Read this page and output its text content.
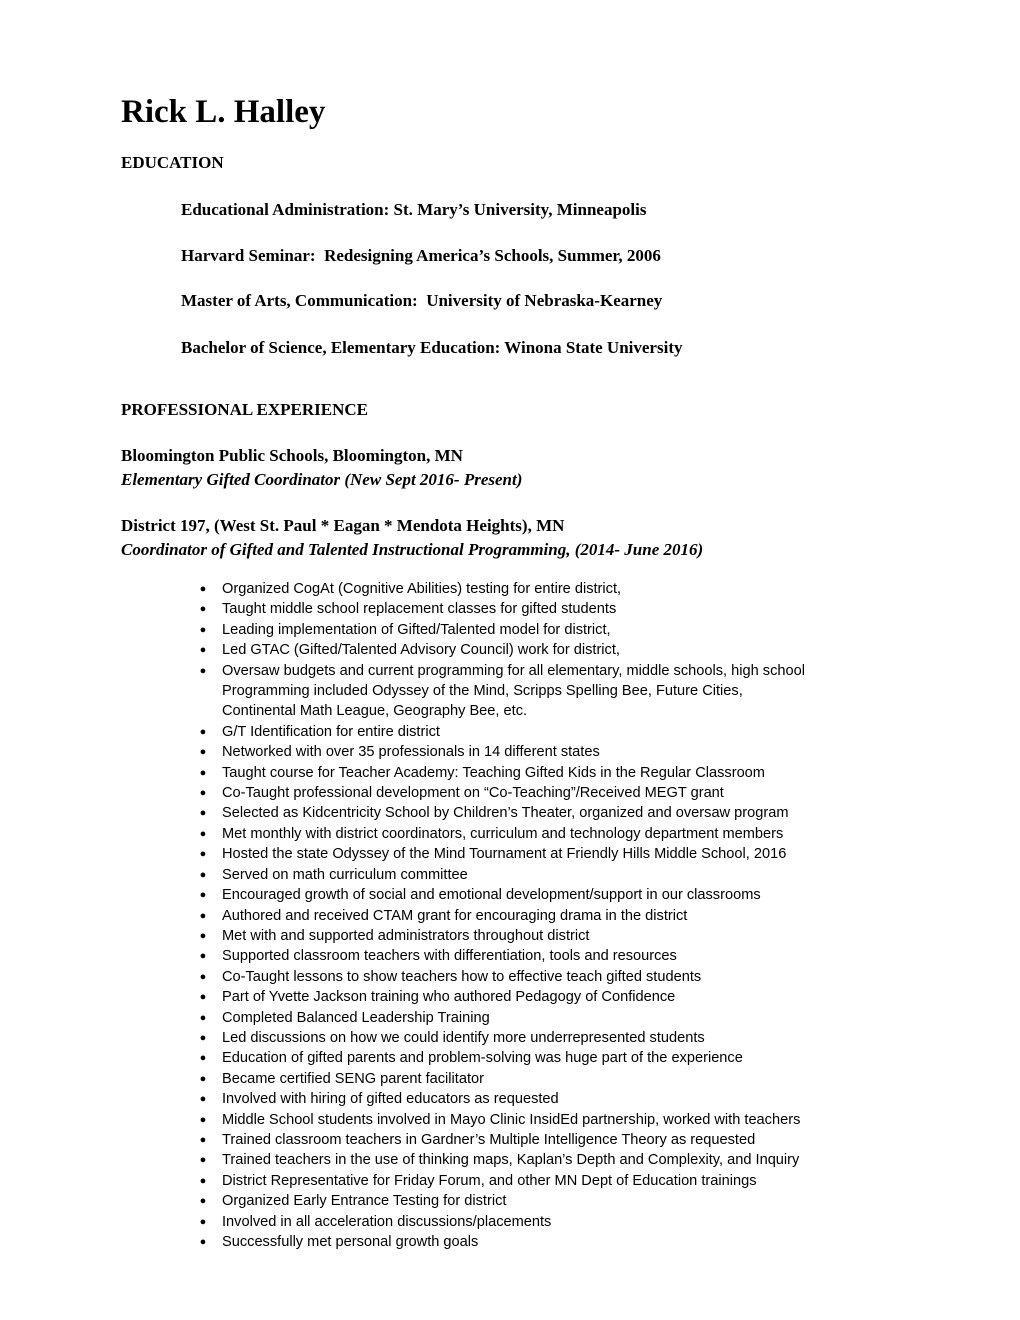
Rick L. Halley
EDUCATION

Educational Administration: St. Mary’s University, Minneapolis

Harvard Seminar:  Redesigning America’s Schools, Summer, 2006

Master of Arts, Communication:  University of Nebraska-Kearney

Bachelor of Science, Elementary Education: Winona State University

PROFESSIONAL EXPERIENCE

Bloomington Public Schools, Bloomington, MN

Elementary Gifted Coordinator (New Sept 2016- Present)

District 197, (West St. Paul * Eagan * Mendota Heights), MN

Coordinator of Gifted and Talented Instructional Programming, (2014- June 2016)

● Organized CogAt (Cognitive Abilities) testing for entire district,
● Taught middle school replacement classes for gifted students
● Leading implementation of Gifted/Talented model for district,
● Led GTAC (Gifted/Talented Advisory Council) work for district,
● Oversaw budgets and current programming for all elementary, middle schools, high school
Programming included Odyssey of the Mind, Scripps Spelling Bee, Future Cities,
Continental Math League, Geography Bee, etc.
● G/T Identification for entire district
● Networked with over 35 professionals in 14 different states
● Taught course for Teacher Academy: Teaching Gifted Kids in the Regular Classroom
● Co-Taught professional development on “Co-Teaching”/Received MEGT grant
● Selected as Kidcentricity School by Children’s Theater, organized and oversaw program
● Met monthly with district coordinators, curriculum and technology department members
● Hosted the state Odyssey of the Mind Tournament at Friendly Hills Middle School, 2016
● Served on math curriculum committee
● Encouraged growth of social and emotional development/support in our classrooms
● Authored and received CTAM grant for encouraging drama in the district
● Met with and supported administrators throughout district
● Supported classroom teachers with differentiation, tools and resources
● Co-Taught lessons to show teachers how to effective teach gifted students
● Part of Yvette Jackson training who authored Pedagogy of Confidence
● Completed Balanced Leadership Training
● Led discussions on how we could identify more underrepresented students
● Education of gifted parents and problem-solving was huge part of the experience
● Became certified SENG parent facilitator
● Involved with hiring of gifted educators as requested
● Middle School students involved in Mayo Clinic InsidEd partnership, worked with teachers
● Trained classroom teachers in Gardner’s Multiple Intelligence Theory as requested
● Trained teachers in the use of thinking maps, Kaplan’s Depth and Complexity, and Inquiry
● District Representative for Friday Forum, and other MN Dept of Education trainings
● Organized Early Entrance Testing for district
● Involved in all acceleration discussions/placements
● Successfully met personal growth goals
